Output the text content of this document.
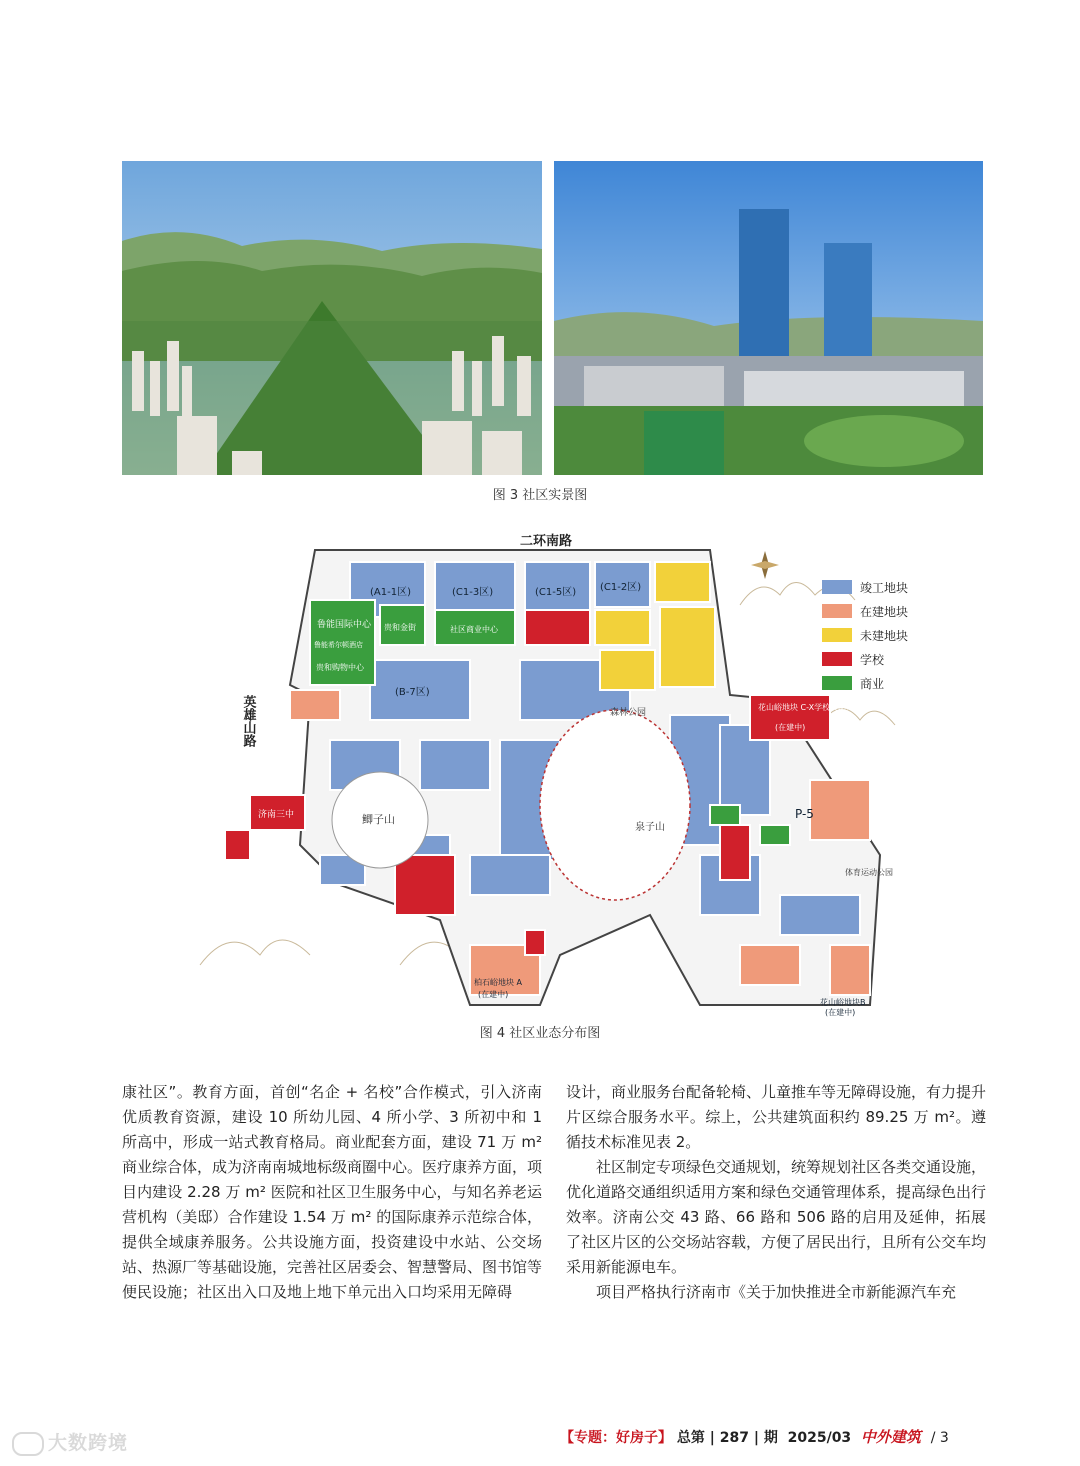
图 3 社区实景图
二环南路
英雄山路
(A1-1区)	(C1-3区)	(C1-5区) (C1-2区)
(B-7区)
P-5
花山峪地块 C-X学校及幼儿园
(在建中)
济南三中
鲁能国际中心
鲁能希尔顿酒店
贵和购物中心
贵和金街	社区商业中心
鲫子山
森林公园
泉子山
体育运动公园
柏石峪地块 A
(在建中)
花山峪地块B
(在建中)
竣工地块
在建地块
未建地块
学校
商业
图 4 社区业态分布图

康社区”。教育方面，首创“名企 + 名校”合作模式，引入济南优质教育资源，建设 10 所幼儿园、4 所小学、3 所初中和 1 所高中，形成一站式教育格局。商业配套方面，建设 71 万 m² 商业综合体，成为济南南城地标级商圈中心。医疗康养方面，项目内建设 2.28 万 m² 医院和社区卫生服务中心，与知名养老运营机构（美邸）合作建设 1.54 万 m² 的国际康养示范综合体，提供全域康养服务。公共设施方面，投资建设中水站、公交场站、热源厂等基础设施，完善社区居委会、智慧警局、图书馆等便民设施；社区出入口及地上地下单元出入口均采用无障碍

设计，商业服务台配备轮椅、儿童推车等无障碍设施，有力提升片区综合服务水平。综上，公共建筑面积约 89.25 万 m²。遵循技术标准见表 2。

社区制定专项绿色交通规划，统筹规划社区各类交通设施，优化道路交通组织适用方案和绿色交通管理体系，提高绿色出行效率。济南公交 43 路、66 路和 506 路的启用及延伸，拓展了社区片区的公交场站容载，方便了居民出行，且所有公交车均采用新能源电车。

项目严格执行济南市《关于加快推进全市新能源汽车充

【专题：好房子】 总第 | 287 | 期 2025/03 中外建筑 / 3
大数跨境
